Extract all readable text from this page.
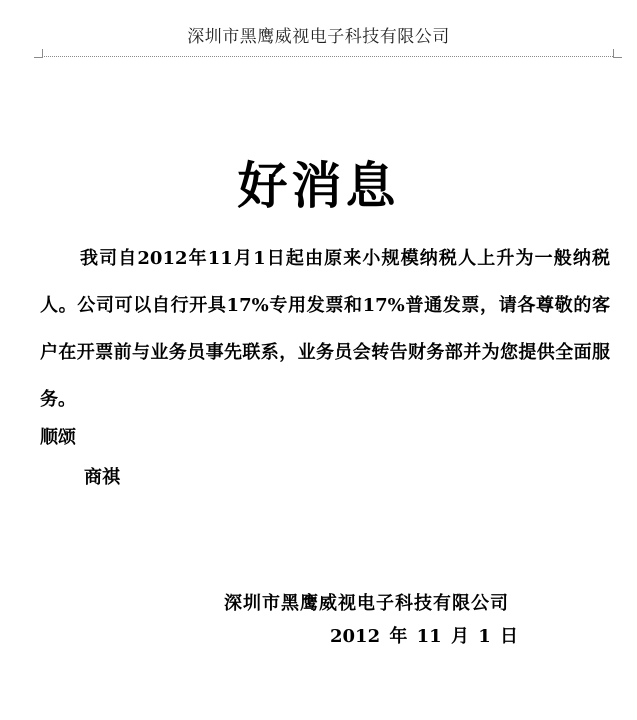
深圳市黑鹰威视电子科技有限公司
好消息

我司自2012年11月1日起由原来小规模纳税人上升为一般纳税人。公司可以自行开具17%专用发票和17%普通发票，请各尊敬的客户在开票前与业务员事先联系，业务员会转告财务部并为您提供全面服务。

顺颂
商祺
深圳市黑鹰威视电子科技有限公司
2012 年 11 月 1 日
